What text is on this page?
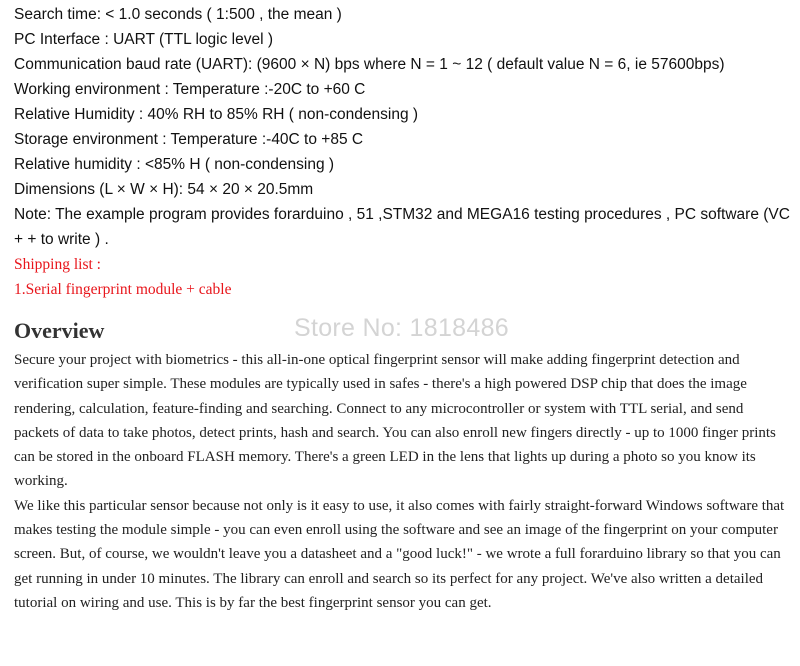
Search time: < 1.0 seconds ( 1:500 , the mean )
PC Interface : UART (TTL logic level )
Communication baud rate (UART): (9600 × N) bps where N = 1 ~ 12 ( default value N = 6, ie 57600bps)
Working environment : Temperature :-20C to +60 C
Relative Humidity : 40% RH to 85% RH ( non-condensing )
Storage environment : Temperature :-40C to +85 C
Relative humidity : <85% H ( non-condensing )
Dimensions (L × W × H): 54 × 20 × 20.5mm
Note: The example program provides forarduino , 51 ,STM32 and MEGA16 testing procedures , PC software (VC + + to write ) .
Shipping list :
1.Serial fingerprint module + cable
Overview	Store No: 1818486

Secure your project with biometrics - this all-in-one optical fingerprint sensor will make adding fingerprint detection and verification super simple. These modules are typically used in safes - there's a high powered DSP chip that does the image rendering, calculation, feature-finding and searching. Connect to any microcontroller or system with TTL serial, and send packets of data to take photos, detect prints, hash and search. You can also enroll new fingers directly - up to 1000 finger prints can be stored in the onboard FLASH memory. There's a green LED in the lens that lights up during a photo so you know its working.

We like this particular sensor because not only is it easy to use, it also comes with fairly straight-forward Windows software that makes testing the module simple - you can even enroll using the software and see an image of the fingerprint on your computer screen. But, of course, we wouldn't leave you a datasheet and a "good luck!" - we wrote a full forarduino library so that you can get running in under 10 minutes. The library can enroll and search so its perfect for any project. We've also written a detailed tutorial on wiring and use. This is by far the best fingerprint sensor you can get.
